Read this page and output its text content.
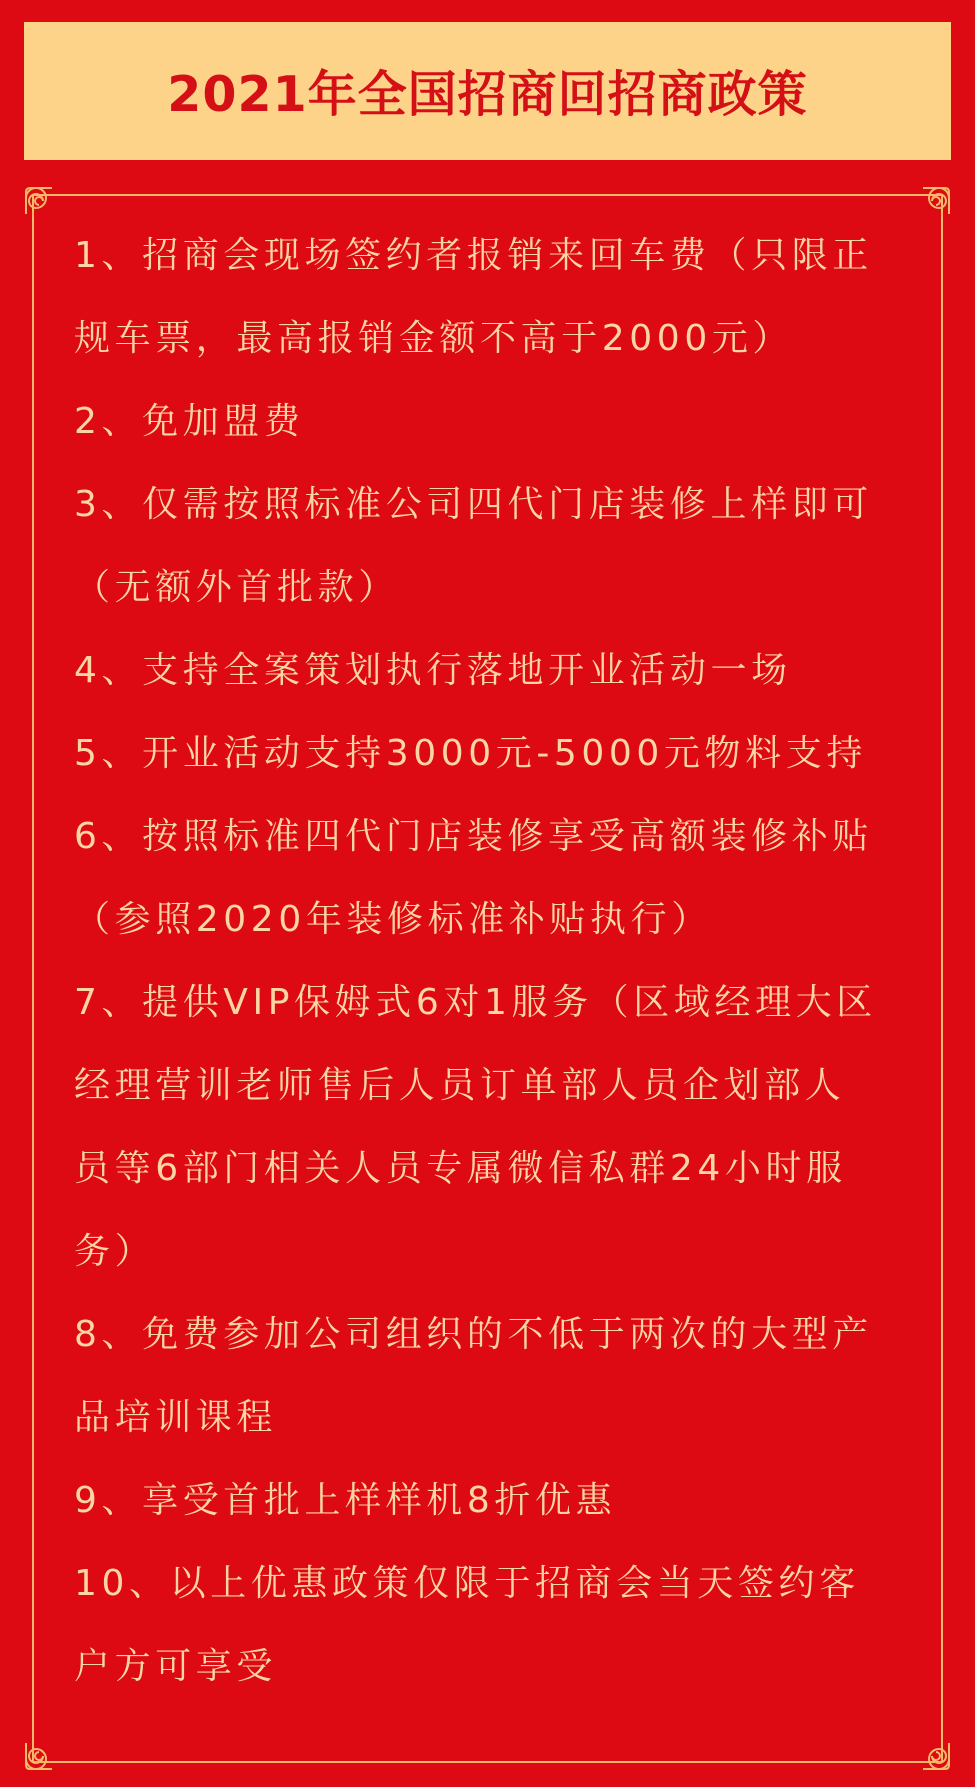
2021年全国招商回招商政策
1、招商会现场签约者报销来回车费（只限正
规车票，最高报销金额不高于2000元）
2、免加盟费
3、仅需按照标准公司四代门店装修上样即可
（无额外首批款）
4、支持全案策划执行落地开业活动一场
5、开业活动支持3000元-5000元物料支持
6、按照标准四代门店装修享受高额装修补贴
（参照2020年装修标准补贴执行）
7、提供VIP保姆式6对1服务（区域经理大区
经理营训老师售后人员订单部人员企划部人
员等6部门相关人员专属微信私群24小时服
务）
8、免费参加公司组织的不低于两次的大型产
品培训课程
9、享受首批上样样机8折优惠
10、以上优惠政策仅限于招商会当天签约客
户方可享受
